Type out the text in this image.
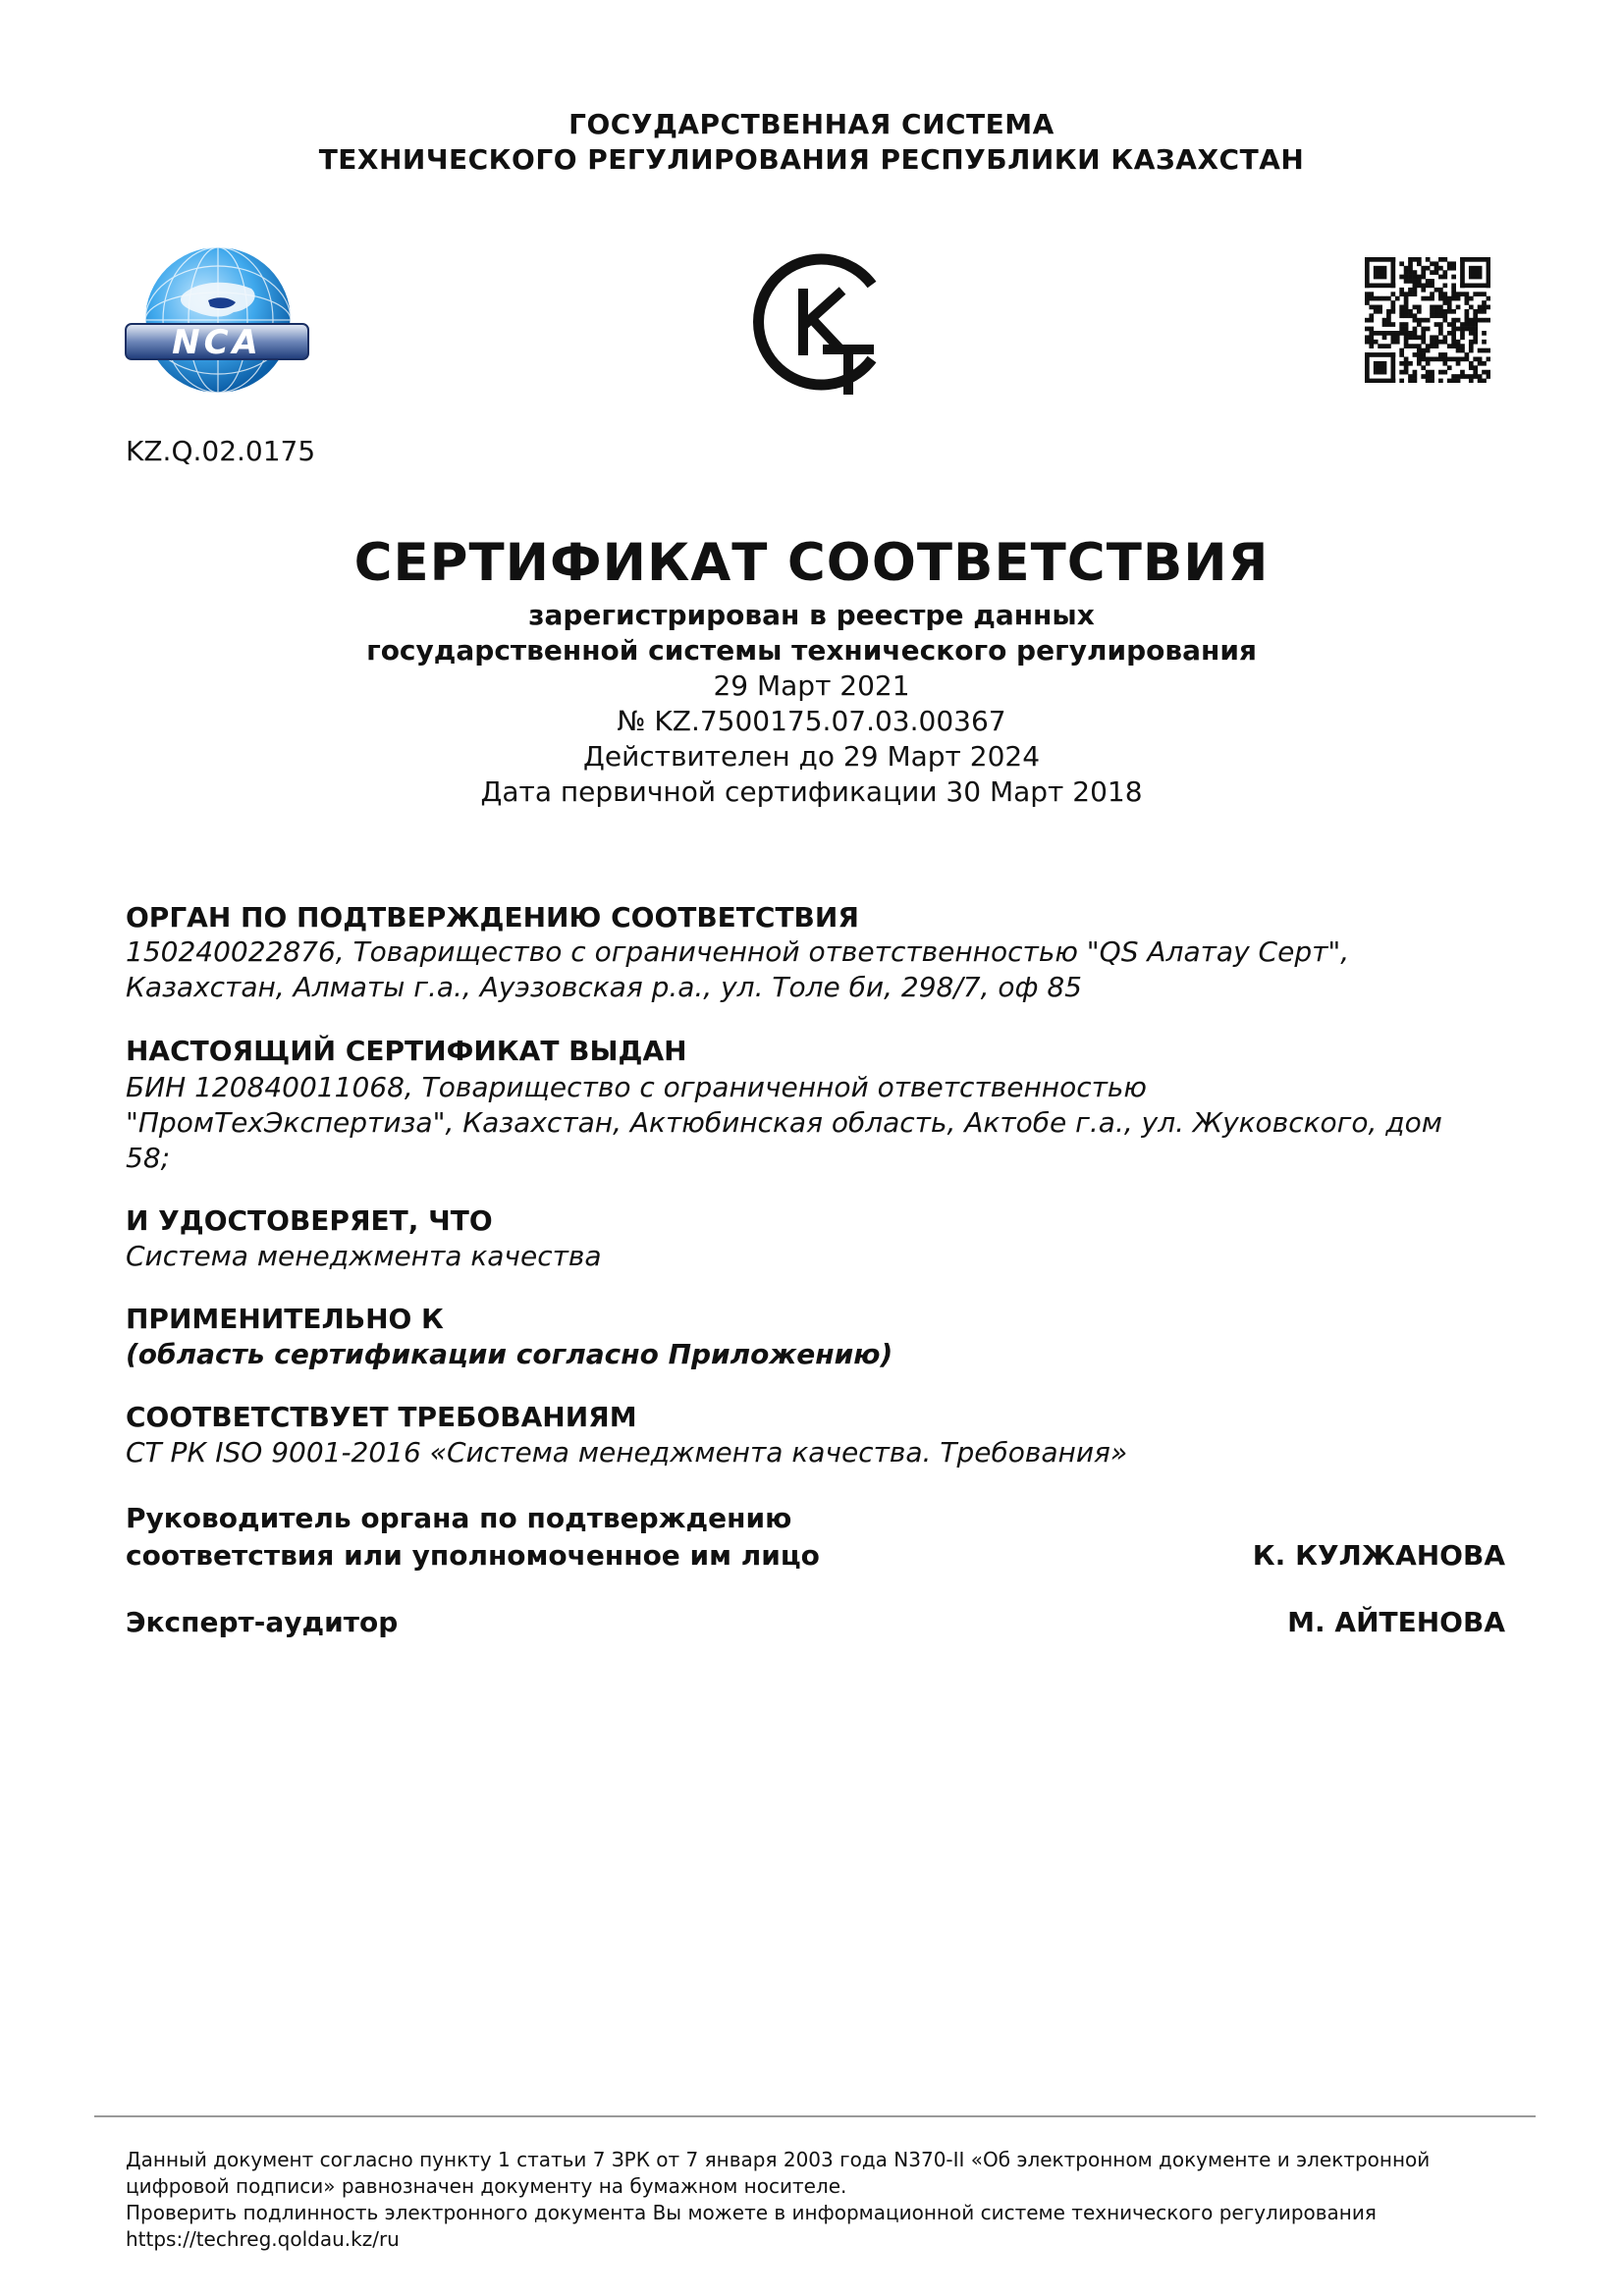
ГОСУДАРСТВЕННАЯ СИСТЕМА
ТЕХНИЧЕСКОГО РЕГУЛИРОВАНИЯ РЕСПУБЛИКИ КАЗАХСТАН
NCA
KZ.Q.02.0175
СЕРТИФИКАТ СООТВЕТСТВИЯ
зарегистрирован в реестре данных
государственной системы технического регулирования
29 Март 2021
№ KZ.7500175.07.03.00367
Действителен до 29 Март 2024
Дата первичной сертификации 30 Март 2018
ОРГАН ПО ПОДТВЕРЖДЕНИЮ СООТВЕТСТВИЯ
150240022876, Товарищество с ограниченной ответственностью "QS Алатау Серт",
Казахстан, Алматы г.а., Ауэзовская р.а., ул. Толе би, 298/7, оф 85
НАСТОЯЩИЙ СЕРТИФИКАТ ВЫДАН
БИН 120840011068, Товарищество с ограниченной ответственностью
"ПромТехЭкспертиза", Казахстан, Актюбинская область, Актобе г.а., ул. Жуковского, дом
58;
И УДОСТОВЕРЯЕТ, ЧТО
Система менеджмента качества
ПРИМЕНИТЕЛЬНО К
(область сертификации согласно Приложению)
СООТВЕТСТВУЕТ ТРЕБОВАНИЯМ
СТ РК ISO 9001-2016 «Система менеджмента качества. Требования»
Руководитель органа по подтверждению
соответствия или уполномоченное им лицо	К. КУЛЖАНОВА
Эксперт-аудитор	М. АЙТЕНОВА
Данный документ согласно пункту 1 статьи 7 ЗРК от 7 января 2003 года N370-II «Об электронном документе и электронной
цифровой подписи» равнозначен документу на бумажном носителе.
Проверить подлинность электронного документа Вы можете в информационной системе технического регулирования
https://techreg.qoldau.kz/ru
